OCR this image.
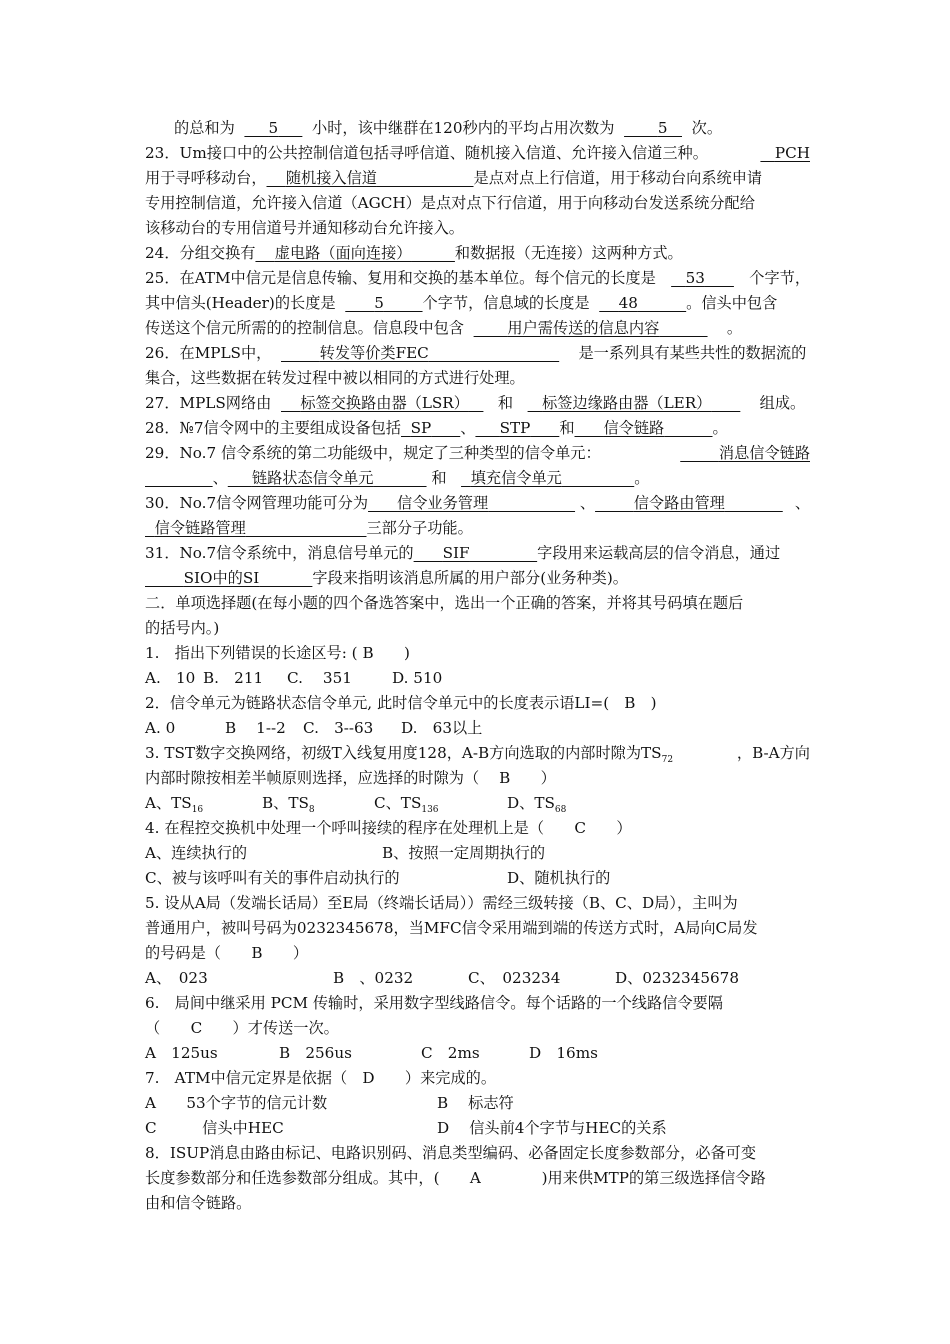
的总和为 5 小时，该中继群在120秒内的平均占用次数为	5 次。
23．Um接口中的公共控制信道包括寻呼信道、随机接入信道、允许接入信道三种。	PCH
用于寻呼移动台， 随机接入信道	是点对点上行信道，用于移动台向系统申请
专用控制信道，允许接入信道（AGCH）是点对点下行信道，用于向移动台发送系统分配给
该移动台的专用信道号并通知移动台允许接入。
24．分组交换有 虚电路（面向连接）	和数据报（无连接）这两种方式。
25．在ATM中信元是信息传输、复用和交换的基本单位。每个信元的长度是	53	个字节，
其中信头(Header)的长度是	5	个字节，信息域的长度是 48	。信头中包含
传送这个信元所需的的控制信息。信息段中包含	用户需传送的信息内容	。
26．在MPLS中，	转发等价类FEC	是一系列具有某些共性的数据流的
集合，这些数据在转发过程中被以相同的方式进行处理。
27．MPLS网络由 标签交换路由器（LSR） 和 标签边缘路由器（LER）	组成。
28．№7信令网中的主要组成设备包括 SP 、 STP 和 信令链路	。
29．No.7 信令系统的第二功能级中，规定了三种类型的信令单元：	消息信令链路
、 链路状态信令单元	和 填充信令单元	。
30．No.7信令网管理功能可分为 信令业务管理	、	信令路由管理	、
信令链路管理	三部分子功能。
31．No.7信令系统中，消息信号单元的 SIF	字段用来运载高层的信令消息，通过
SIO中的SI	字段来指明该消息所属的用户部分(业务种类)。
二．单项选择题(在每小题的四个备选答案中，选出一个正确的答案，并将其号码填在题后
的括号内。)
1.　指出下列错误的长途区号: ( B　　)
A.　10 B.　211 C.　 351	D. 510
2．信令单元为链路状态信令单元, 此时信令单元中的长度表示语LI=(　B　)
A. 0	B　 1--2 C.　3--63 D.　63以上
3. TST数字交换网络，初级T入线复用度128，A-B方向选取的内部时隙为$TS_{72}$	，B-A方向
内部时隙按相差半帧原则选择，应选择的时隙为（　 B　　）
A、$TS_{16}$	B、$TS_8$	C、$TS_{136}$	D、$TS_{68}$
4. 在程控交换机中处理一个呼叫接续的程序在处理机上是（　　C　　）
A、连续执行的	B、按照一定周期执行的
C、被与该呼叫有关的事件启动执行的	D、随机执行的
5. 设从A局（发端长话局）至E局（终端长话局））需经三级转接（B、C、D局），主叫为
普通用户，被叫号码为0232345678，当MFC信令采用端到端的传送方式时，A局向C局发
的号码是（　　B　　）
A、　023	B　、0232	C、　023234	D、0232345678
6.　局间中继采用 PCM 传输时，采用数字型线路信令。每个话路的一个线路信令要隔
（　　C　　）才传送一次。
A　125us	B　256us	C　2ms	D　16ms
7.　ATM中信元定界是依据（　D　　）来完成的。
A　　53个字节的信元计数	B　 标志符
C　　　信头中HEC	D　 信头前4个字节与HEC的关系
8．ISUP消息由路由标记、电路识别码、消息类型编码、必备固定长度参数部分，必备可变
长度参数部分和任选参数部分组成。其中，(　　A　　　　)用来供MTP的第三级选择信令路
由和信令链路。
